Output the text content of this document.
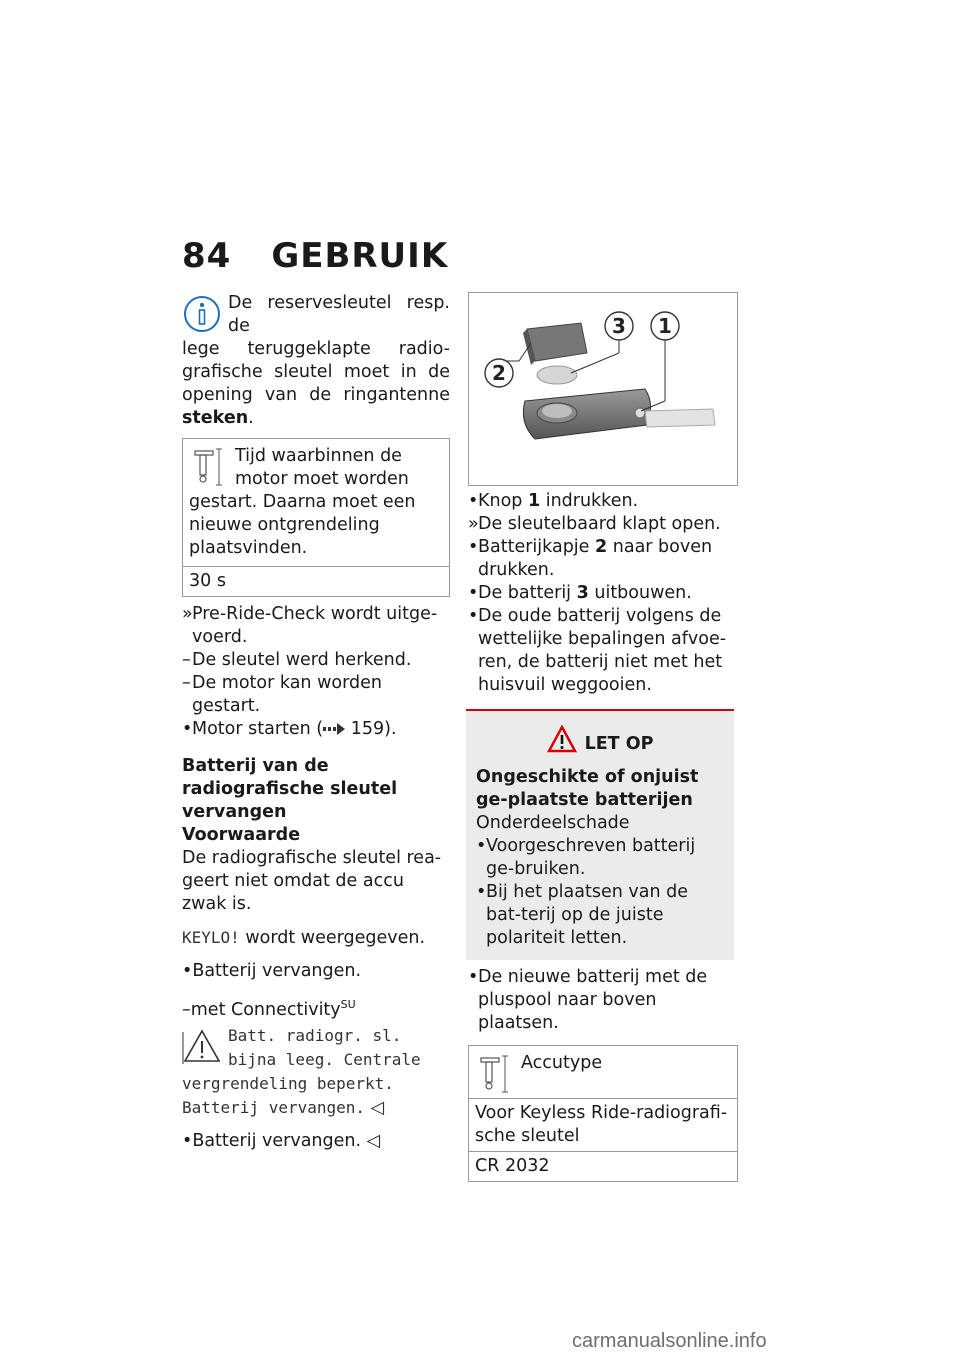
84 GEBRUIK

De reservesleutel resp. de
lege teruggeklapte radio- grafische sleutel moet in de opening van de ringantenne steken.

Tijd waarbinnen de motor moet worden gestart. Daarna moet een nieuwe ontgrendeling plaatsvinden.

30 s
»Pre-Ride-Check wordt uitge-voerd.
–De sleutel werd herkend.
–De motor kan worden gestart.
•Motor starten ( 159).
Batterij van de radiografische sleutel vervangen
Voorwaarde

De radiografische sleutel rea-geert niet omdat de accu zwak is.

KEYLO! wordt weergegeven.

•Batterij vervangen.

–met Connectivity$^{SU}$

Batt. radiogr. sl. bijna leeg. Centrale vergrendeling beperkt. Batterij vervangen. ◁

•Batterij vervangen. ◁

2
3 1
•Knop 1 indrukken.
»De sleutelbaard klapt open.
•Batterijkapje 2 naar boven drukken.
•De batterij 3 uitbouwen.
•De oude batterij volgens de wettelijke bepalingen afvoe-ren, de batterij niet met het huisvuil weggooien.
LET OP
Ongeschikte of onjuist ge-plaatste batterijen
Onderdeelschade
•Voorgeschreven batterij ge-bruiken.
•Bij het plaatsen van de bat-terij op de juiste polariteit letten.
•De nieuwe batterij met de pluspool naar boven plaatsen.

Accutype

Voor Keyless Ride-radiografi-sche sleutel
CR 2032
carmanualsonline.info
